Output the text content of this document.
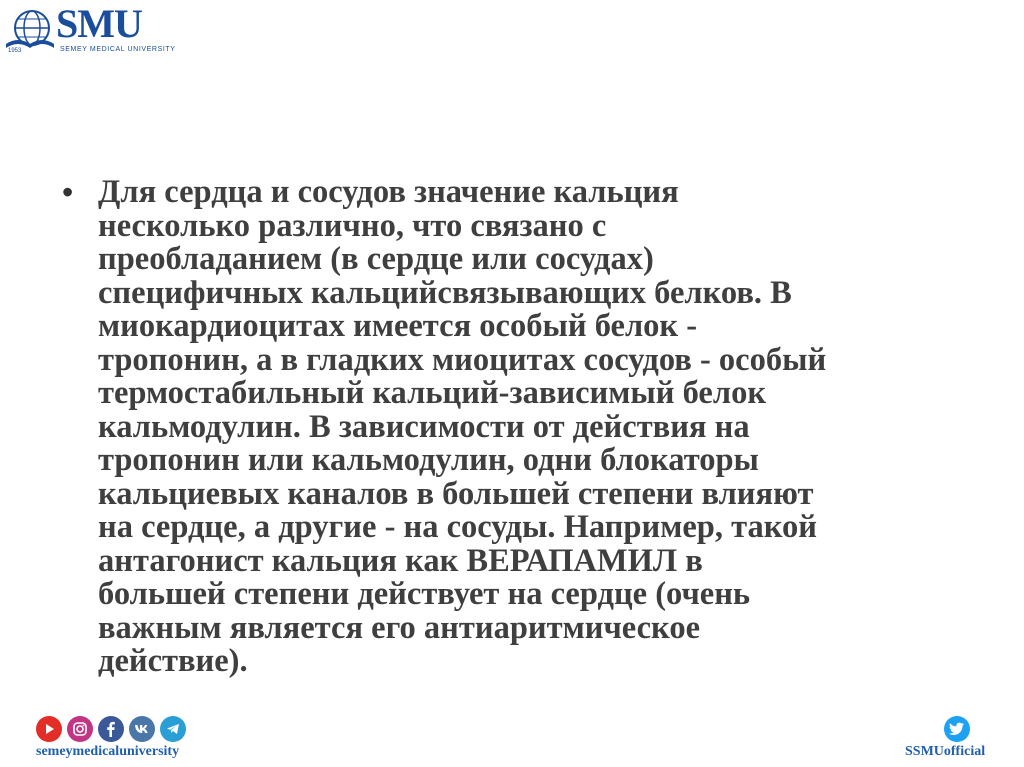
1953
SMU
SEMEY MEDICAL UNIVERSITY
• Для сердца и сосудов значение кальция
несколько различно, что связано с
преобладанием (в сердце или сосудах)
специфичных кальцийсвязывающих белков. В
миокардиоцитах имеется особый белок -
тропонин, а в гладких миоцитах сосудов - особый
термостабильный кальций-зависимый белок
кальмодулин. В зависимости от действия на
тропонин или кальмодулин, одни блокаторы
кальциевых каналов в большей степени влияют
на сердце, а другие - на сосуды. Например, такой
антагонист кальция как ВЕРАПАМИЛ в
большей степени действует на сердце (очень
важным является его антиаритмическое
действие).

semeymedicaluniversity	SSMUofficial
